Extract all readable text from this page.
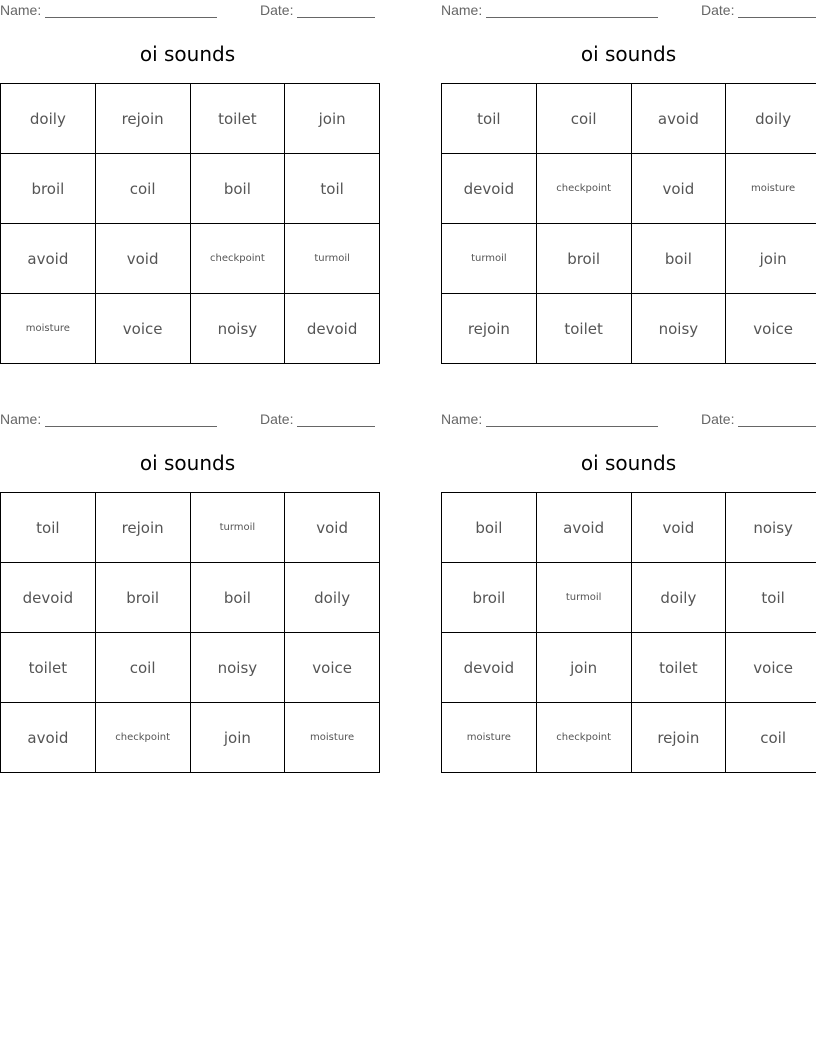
Name:	Date:
oi sounds
doily	rejoin	toilet	join
broil	coil	boil	toil
avoid	void	checkpoint	turmoil
moisture	voice	noisy	devoid
Name:	Date:
oi sounds
toil	coil	avoid	doily
devoid	checkpoint	void	moisture
turmoil	broil	boil	join
rejoin	toilet	noisy	voice
Name:	Date:
oi sounds
toil	rejoin	turmoil	void
devoid	broil	boil	doily
toilet	coil	noisy	voice
avoid	checkpoint	join	moisture
Name:	Date:
oi sounds
boil	avoid	void	noisy
broil	turmoil	doily	toil
devoid	join	toilet	voice
moisture	checkpoint	rejoin	coil
